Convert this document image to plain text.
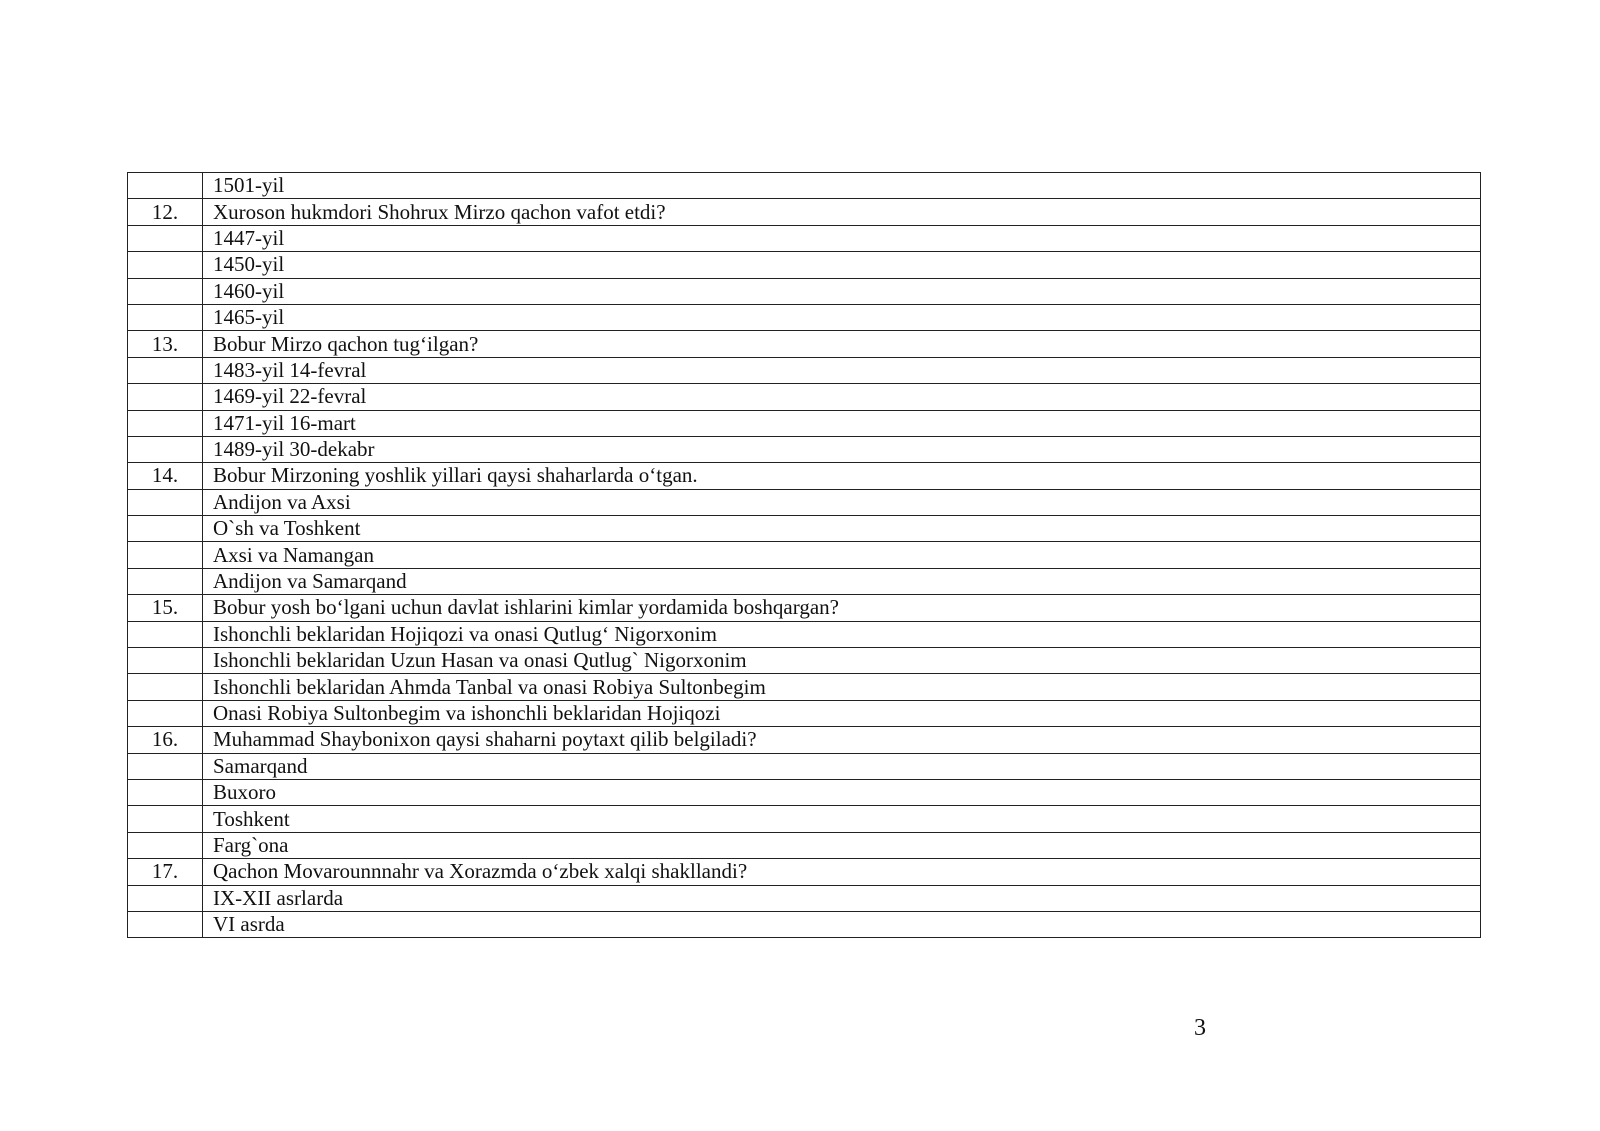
	1501-yil
12.	Xuroson hukmdori Shohrux Mirzo qachon vafot etdi?
	1447-yil
	1450-yil
	1460-yil
	1465-yil
13.	Bobur Mirzo qachon tug‘ilgan?
	1483-yil 14-fevral
	1469-yil 22-fevral
	1471-yil 16-mart
	1489-yil 30-dekabr
14.	Bobur Mirzoning yoshlik yillari qaysi shaharlarda o‘tgan.
	Andijon va Axsi
	O`sh va Toshkent
	Axsi va Namangan
	Andijon va Samarqand
15.	Bobur yosh bo‘lgani uchun davlat ishlarini kimlar yordamida boshqargan?
	Ishonchli beklaridan Hojiqozi va onasi Qutlug‘ Nigorxonim
	Ishonchli beklaridan Uzun Hasan va onasi Qutlug` Nigorxonim
	Ishonchli beklaridan Ahmda Tanbal va onasi Robiya Sultonbegim
	Onasi Robiya Sultonbegim va ishonchli beklaridan Hojiqozi
16.	Muhammad Shaybonixon qaysi shaharni poytaxt qilib belgiladi?
	Samarqand
	Buxoro
	Toshkent
	Farg`ona
17.	Qachon Movarounnnahr va Xorazmda o‘zbek xalqi shakllandi?
	IX-XII asrlarda
	VI asrda
3
